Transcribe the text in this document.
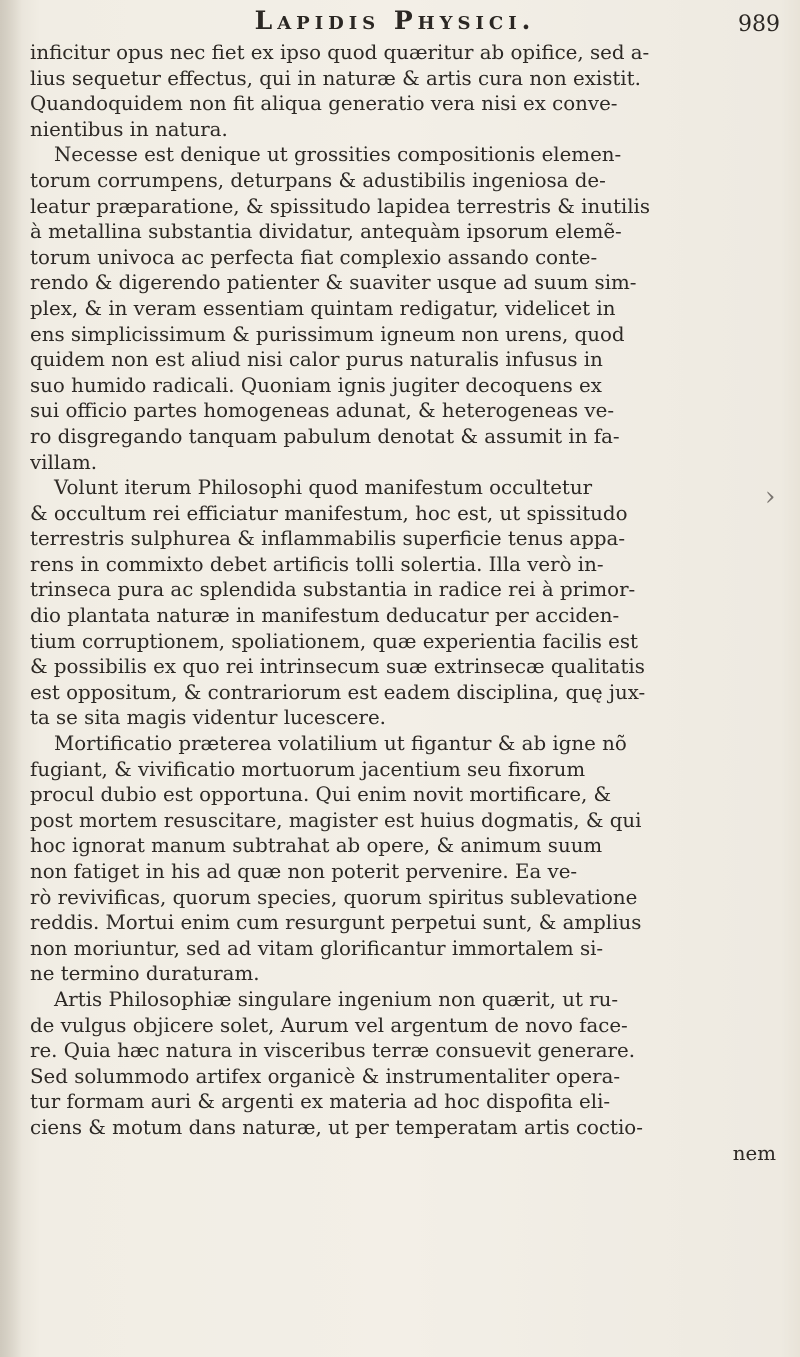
Lapidis Physici.	989
inficitur opus nec fiet ex ipso quod quæritur ab opifice, sed a-
lius sequetur effectus, qui in naturæ & artis cura non existit.
Quandoquidem non fit aliqua generatio vera nisi ex conve-
nientibus in natura.
Necesse est denique ut grossities compositionis elemen-
torum corrumpens, deturpans & adustibilis ingeniosa de-
leatur præparatione, & spissitudo lapidea terrestris & inutilis
à metallina substantia dividatur, antequàm ipsorum elemẽ-
torum univoca ac perfecta fiat complexio assando conte-
rendo & digerendo patienter & suaviter usque ad suum sim-
plex, & in veram essentiam quintam redigatur, videlicet in
ens simplicissimum & purissimum igneum non urens, quod
quidem non est aliud nisi calor purus naturalis infusus in
suo humido radicali. Quoniam ignis jugiter decoquens ex
sui officio partes homogeneas adunat, & heterogeneas ve-
ro disgregando tanquam pabulum denotat & assumit in fa-
villam.
Volunt iterum Philosophi quod manifestum occultetur
& occultum rei efficiatur manifestum, hoc est, ut spissitudo
terrestris sulphurea & inflammabilis superficie tenus appa-
rens in commixto debet artificis tolli solertia. Illa verò in-
trinseca pura ac splendida substantia in radice rei à primor-
dio plantata naturæ in manifestum deducatur per acciden-
tium corruptionem, spoliationem, quæ experientia facilis est
& possibilis ex quo rei intrinsecum suæ extrinsecæ qualitatis
est oppositum, & contrariorum est eadem disciplina, quę jux-
ta se sita magis videntur lucescere.
Mortificatio præterea volatilium ut figantur & ab igne nõ
fugiant, & vivificatio mortuorum jacentium seu fixorum
procul dubio est opportuna. Qui enim novit mortificare, &
post mortem resuscitare, magister est huius dogmatis, & qui
hoc ignorat manum subtrahat ab opere, & animum suum
non fatiget in his ad quæ non poterit pervenire. Ea ve-
rò revivificas, quorum species, quorum spiritus sublevatione
reddis. Mortui enim cum resurgunt perpetui sunt, & amplius
non moriuntur, sed ad vitam glorificantur immortalem si-
ne termino duraturam.
Artis Philosophiæ singulare ingenium non quærit, ut ru-
de vulgus objicere solet, Aurum vel argentum de novo face-
re. Quia hæc natura in visceribus terræ consuevit generare.
Sed solummodo artifex organicè & instrumentaliter opera-
tur formam auri & argenti ex materia ad hoc dispofita eli-
ciens & motum dans naturæ, ut per temperatam artis coctio-
nem
›
